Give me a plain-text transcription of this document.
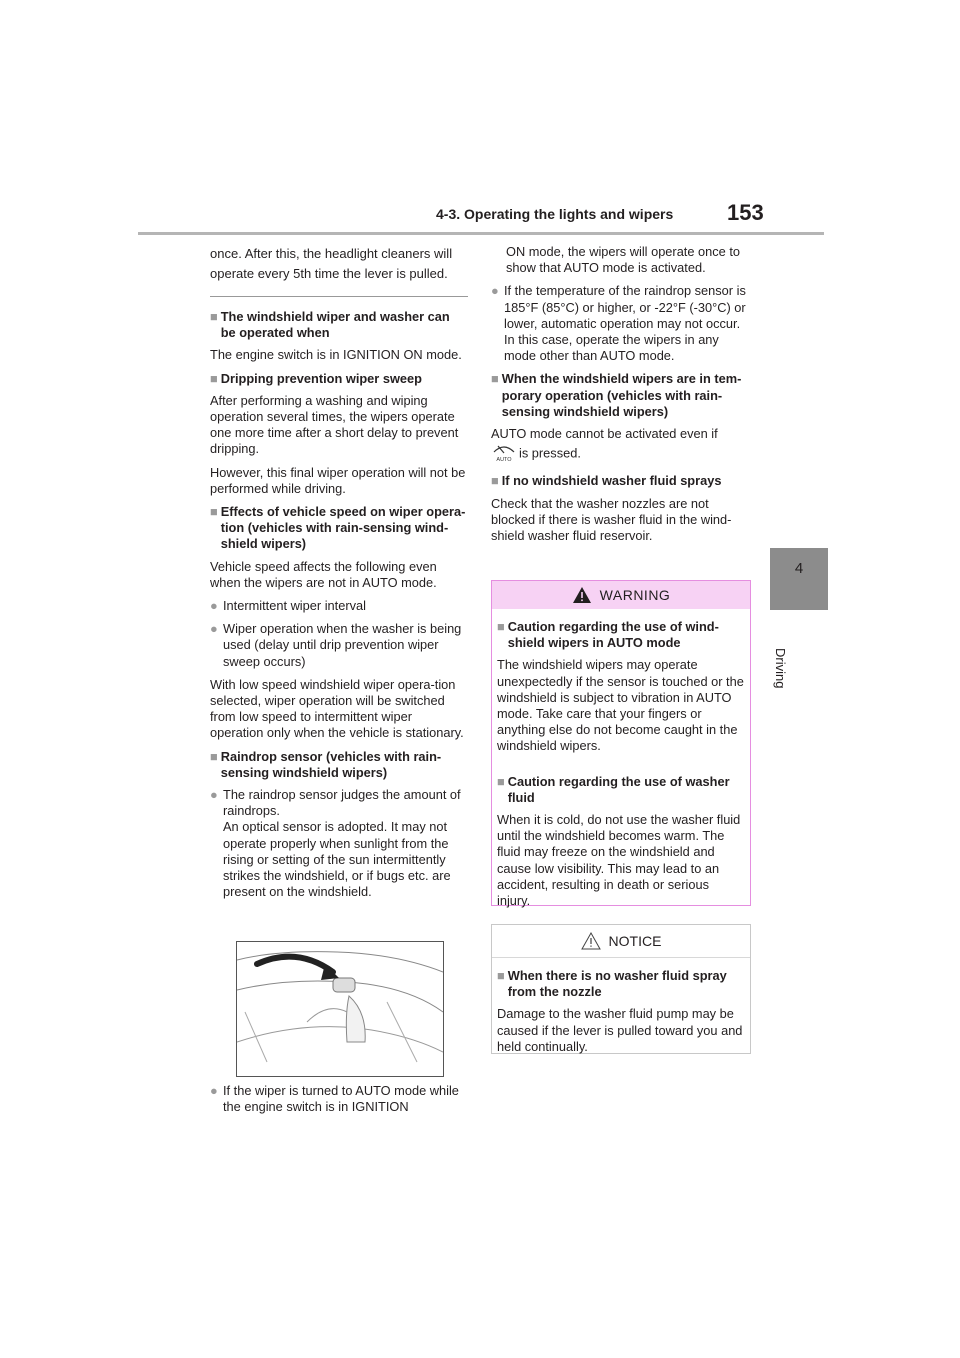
4-3. Operating the lights and wipers 153
4
Driving

once. After this, the headlight cleaners will operate every 5th time the lever is pulled.

■ The windshield wiper and washer can be operated when

The engine switch is in IGNITION ON mode.

■ Dripping prevention wiper sweep

After performing a washing and wiping operation several times, the wipers operate one more time after a short delay to prevent dripping.

However, this final wiper operation will not be performed while driving.

■ Effects of vehicle speed on wiper opera-tion (vehicles with rain-sensing wind-shield wipers)

Vehicle speed affects the following even when the wipers are not in AUTO mode.

● Intermittent wiper interval
● Wiper operation when the washer is being used (delay until drip prevention wiper sweep occurs)

With low speed windshield wiper opera-tion selected, wiper operation will be switched from low speed to intermittent wiper operation only when the vehicle is stationary.

■ Raindrop sensor (vehicles with rain-sensing windshield wipers)
● The raindrop sensor judges the amount of raindrops.
An optical sensor is adopted. It may not operate properly when sunlight from the rising or setting of the sun intermittently strikes the windshield, or if bugs etc. are present on the windshield.
● If the wiper is turned to AUTO mode while the engine switch is in IGNITION

ON mode, the wipers will operate once to show that AUTO mode is activated.

● If the temperature of the raindrop sensor is 185°F (85°C) or higher, or -22°F (-30°C) or lower, automatic operation may not occur. In this case, operate the wipers in any mode other than AUTO mode.
■ When the windshield wipers are in tem-porary operation (vehicles with rain-sensing windshield wipers)

AUTO mode cannot be activated even if

AUTO is pressed.

■ If no windshield washer fluid sprays

Check that the washer nozzles are not blocked if there is washer fluid in the wind-shield washer fluid reservoir.

WARNING
■ Caution regarding the use of wind-shield wipers in AUTO mode

The windshield wipers may operate unexpectedly if the sensor is touched or the windshield is subject to vibration in AUTO mode. Take care that your fingers or anything else do not become caught in the windshield wipers.

■ Caution regarding the use of washer fluid

When it is cold, do not use the washer fluid until the windshield becomes warm. The fluid may freeze on the windshield and cause low visibility. This may lead to an accident, resulting in death or serious injury.

NOTICE
■ When there is no washer fluid spray from the nozzle

Damage to the washer fluid pump may be caused if the lever is pulled toward you and held continually.
